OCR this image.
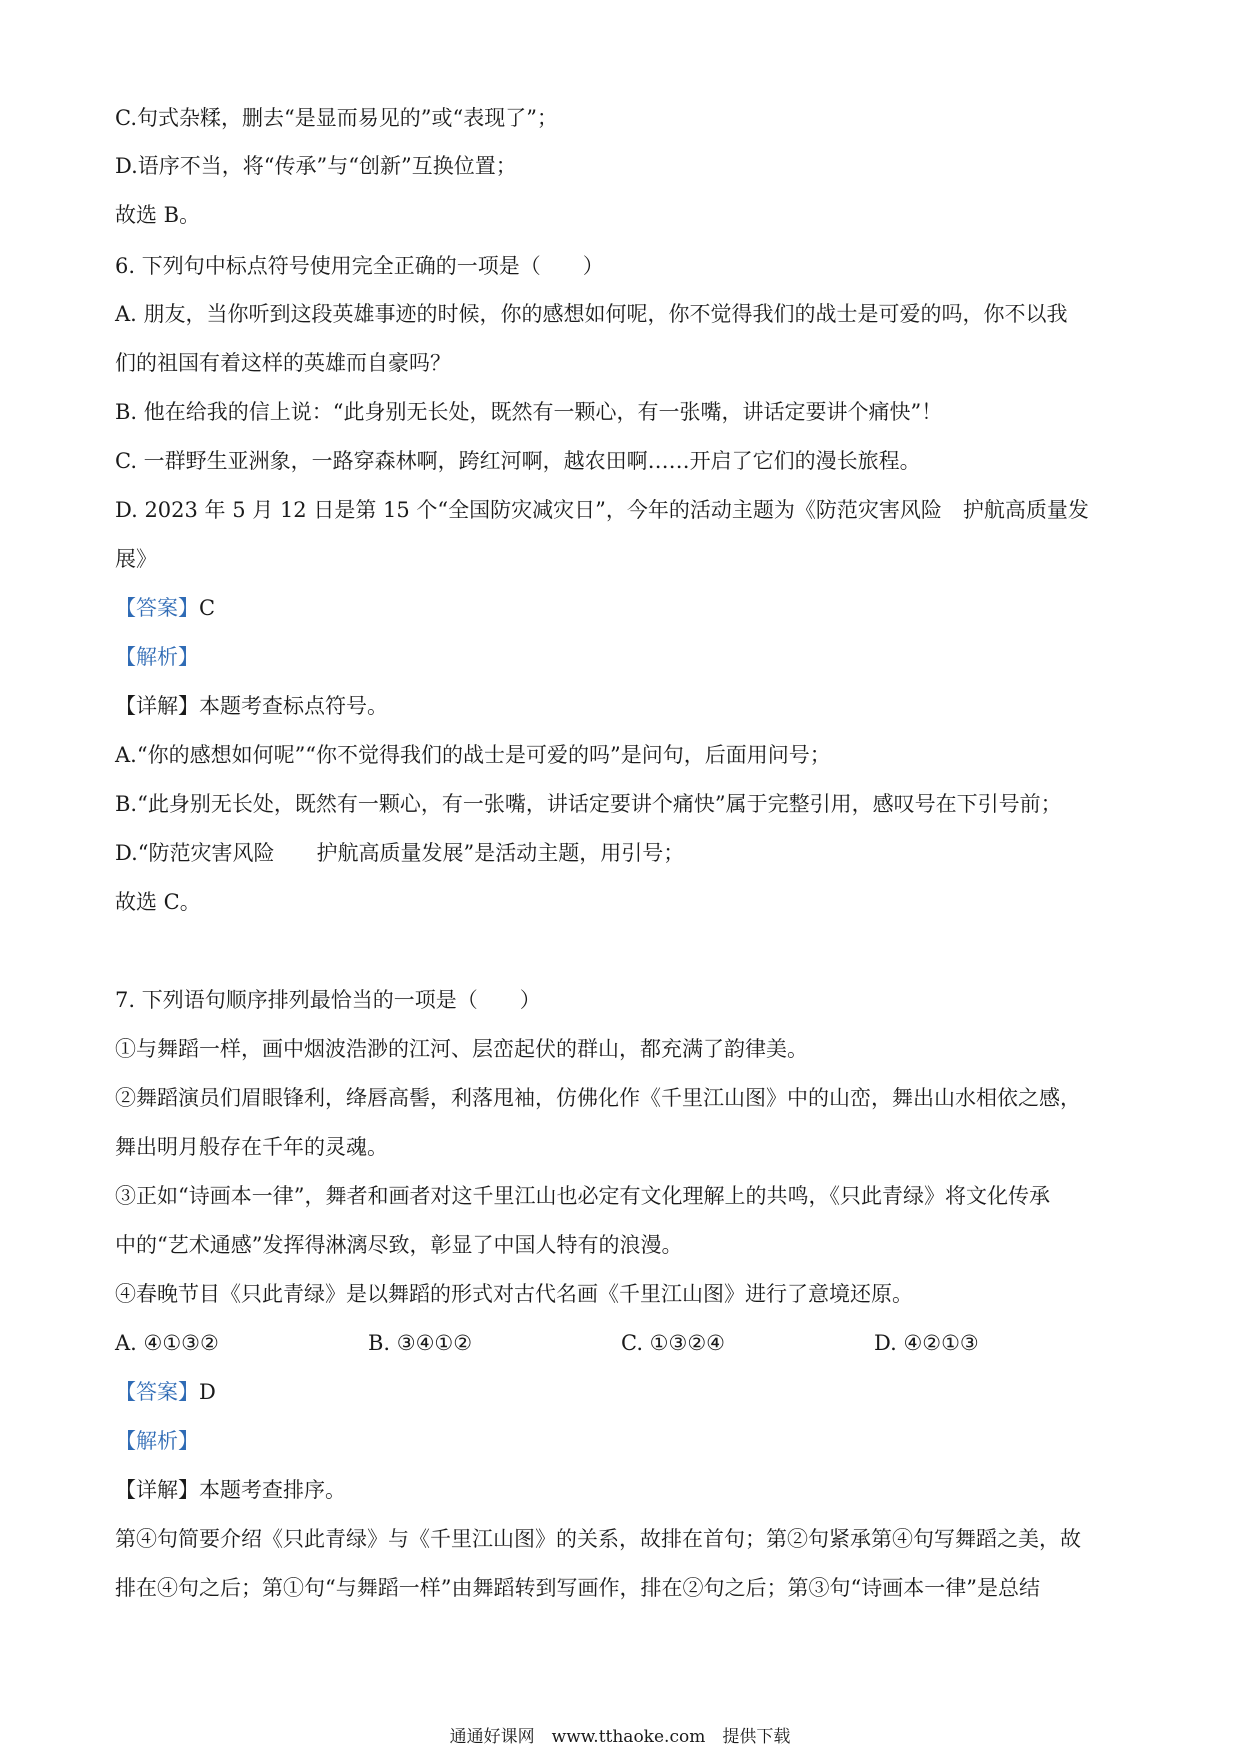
C.句式杂糅，删去“是显而易见的”或“表现了”；
D.语序不当，将“传承”与“创新”互换位置；
故选 B。
6. 下列句中标点符号使用完全正确的一项是（　　）
A. 朋友，当你听到这段英雄事迹的时候，你的感想如何呢，你不觉得我们的战士是可爱的吗，你不以我
们的祖国有着这样的英雄而自豪吗？
B. 他在给我的信上说：“此身别无长处，既然有一颗心，有一张嘴，讲话定要讲个痛快”！
C. 一群野生亚洲象，一路穿森林啊，跨红河啊，越农田啊……开启了它们的漫长旅程。
D. 2023 年 5 月 12 日是第 15 个“全国防灾减灾日”，今年的活动主题为《防范灾害风险　护航高质量发
展》
【答案】C
【解析】
【详解】本题考查标点符号。
A.“你的感想如何呢”“你不觉得我们的战士是可爱的吗”是问句，后面用问号；
B.“此身别无长处，既然有一颗心，有一张嘴，讲话定要讲个痛快”属于完整引用，感叹号在下引号前；
D.“防范灾害风险　　护航高质量发展”是活动主题，用引号；
故选 C。
7. 下列语句顺序排列最恰当的一项是（　　）
①与舞蹈一样，画中烟波浩渺的江河、层峦起伏的群山，都充满了韵律美。
②舞蹈演员们眉眼锋利，绛唇高髻，利落甩袖，仿佛化作《千里江山图》中的山峦，舞出山水相依之感，
舞出明月般存在千年的灵魂。
③正如“诗画本一律”，舞者和画者对这千里江山也必定有文化理解上的共鸣，《只此青绿》将文化传承
中的“艺术通感”发挥得淋漓尽致，彰显了中国人特有的浪漫。
④春晚节目《只此青绿》是以舞蹈的形式对古代名画《千里江山图》进行了意境还原。
A. ④①③②	B. ③④①②	C. ①③②④	D. ④②①③
【答案】D
【解析】
【详解】本题考查排序。
第④句简要介绍《只此青绿》与《千里江山图》的关系，故排在首句；第②句紧承第④句写舞蹈之美，故
排在④句之后；第①句“与舞蹈一样”由舞蹈转到写画作，排在②句之后；第③句“诗画本一律”是总结
通通好课网　www.tthaoke.com　提供下载
